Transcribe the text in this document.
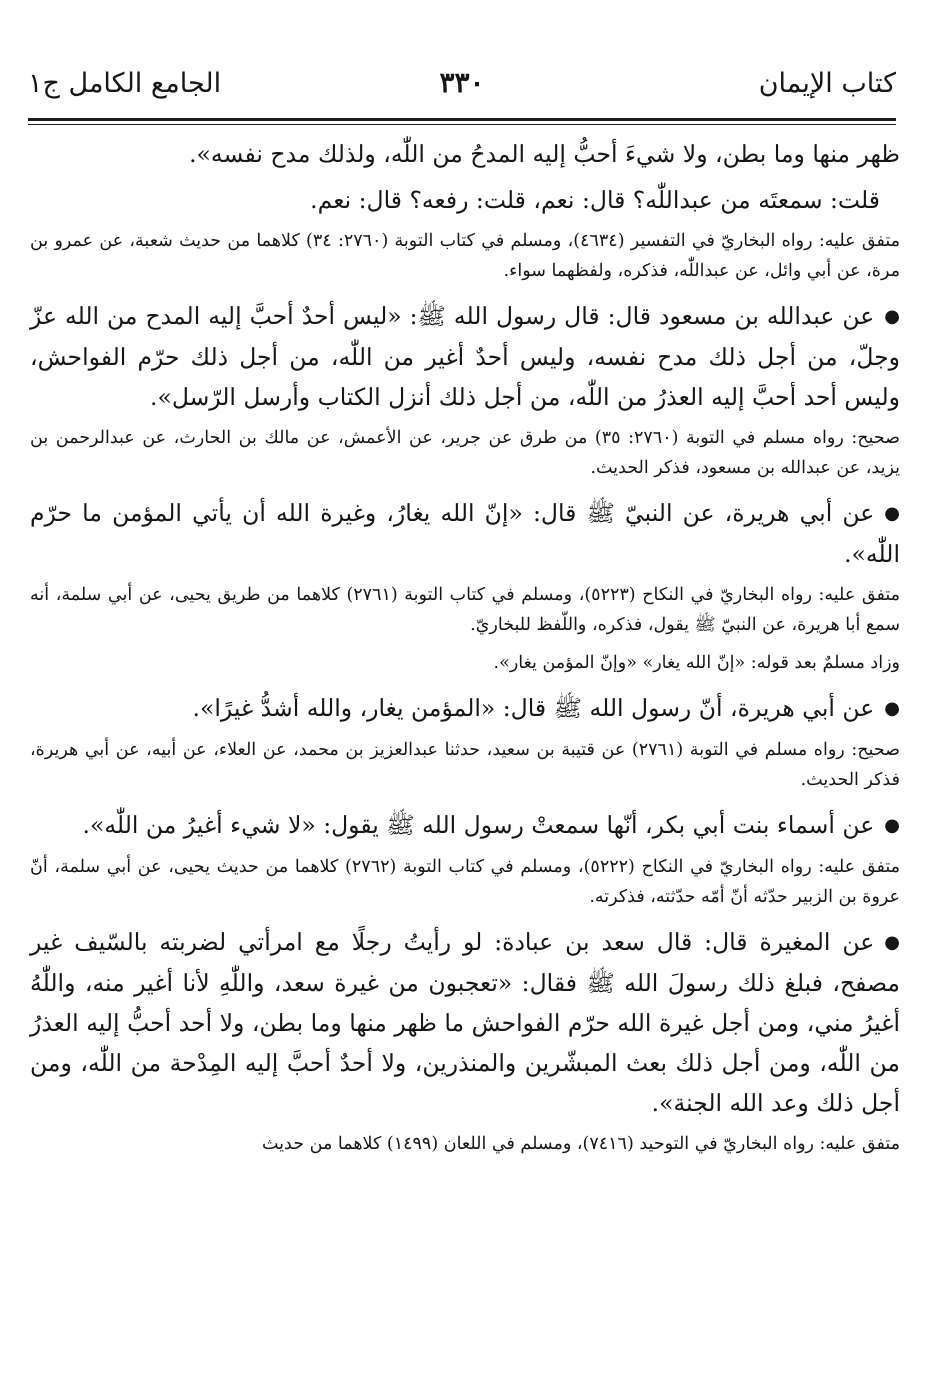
كتاب الإيمان
٣٣٠
الجامع الكامل ج١

ظهر منها وما بطن، ولا شيءَ أحبُّ إليه المدحُ من اللّٰه، ولذلك مدح نفسه».

قلت: سمعتَه من عبداللّٰه؟ قال: نعم، قلت: رفعه؟ قال: نعم.

متفق عليه: رواه البخاريّ في التفسير (٤٦٣٤)، ومسلم في كتاب التوبة (٢٧٦٠: ٣٤) كلاهما من حديث شعبة، عن عمرو بن مرة، عن أبي وائل، عن عبداللّٰه، فذكره، ولفظهما سواء.

●عن عبدالله بن مسعود قال: قال رسول الله ﷺ: «ليس أحدٌ أحبَّ إليه المدح من الله عزّ وجلّ، من أجل ذلك مدح نفسه، وليس أحدٌ أغير من اللّٰه، من أجل ذلك حرّم الفواحش، وليس أحد أحبَّ إليه العذرُ من اللّٰه، من أجل ذلك أنزل الكتاب وأرسل الرّسل».

صحيح: رواه مسلم في التوبة (٢٧٦٠: ٣٥) من طرق عن جرير، عن الأعمش، عن مالك بن الحارث، عن عبدالرحمن بن يزيد، عن عبدالله بن مسعود، فذكر الحديث.

●عن أبي هريرة، عن النبيّ ﷺ قال: «إنّ الله يغارُ، وغيرة الله أن يأتي المؤمن ما حرّم اللّٰه».

متفق عليه: رواه البخاريّ في النكاح (٥٢٢٣)، ومسلم في كتاب التوبة (٢٧٦١) كلاهما من طريق يحيى، عن أبي سلمة، أنه سمع أبا هريرة، عن النبيّ ﷺ يقول، فذكره، واللّفظ للبخاريّ.

وزاد مسلمٌ بعد قوله: «إنّ الله يغار» «وإنّ المؤمن يغار».

●عن أبي هريرة، أنّ رسول الله ﷺ قال: «المؤمن يغار، والله أشدُّ غيرًا».

صحيح: رواه مسلم في التوبة (٢٧٦١) عن قتيبة بن سعيد، حدثنا عبدالعزيز بن محمد، عن العلاء، عن أبيه، عن أبي هريرة، فذكر الحديث.

●عن أسماء بنت أبي بكر، أنّها سمعتْ رسول الله ﷺ يقول: «لا شيء أغيرُ من اللّٰه».

متفق عليه: رواه البخاريّ في النكاح (٥٢٢٢)، ومسلم في كتاب التوبة (٢٧٦٢) كلاهما من حديث يحيى، عن أبي سلمة، أنّ عروة بن الزبير حدّثه أنّ أمّه حدّثته، فذكرته.

●عن المغيرة قال: قال سعد بن عبادة: لو رأيتُ رجلًا مع امرأتي لضربته بالسّيف غير مصفح، فبلغ ذلك رسولَ الله ﷺ فقال: «تعجبون من غيرة سعد، واللّٰهِ لأنا أغير منه، واللّٰهُ أغيرُ مني، ومن أجل غيرة الله حرّم الفواحش ما ظهر منها وما بطن، ولا أحد أحبُّ إليه العذرُ من اللّٰه، ومن أجل ذلك بعث المبشّرين والمنذرين، ولا أحدٌ أحبَّ إليه المِدْحة من اللّٰه، ومن أجل ذلك وعد الله الجنة».

متفق عليه: رواه البخاريّ في التوحيد (٧٤١٦)، ومسلم في اللعان (١٤٩٩) كلاهما من حديث
